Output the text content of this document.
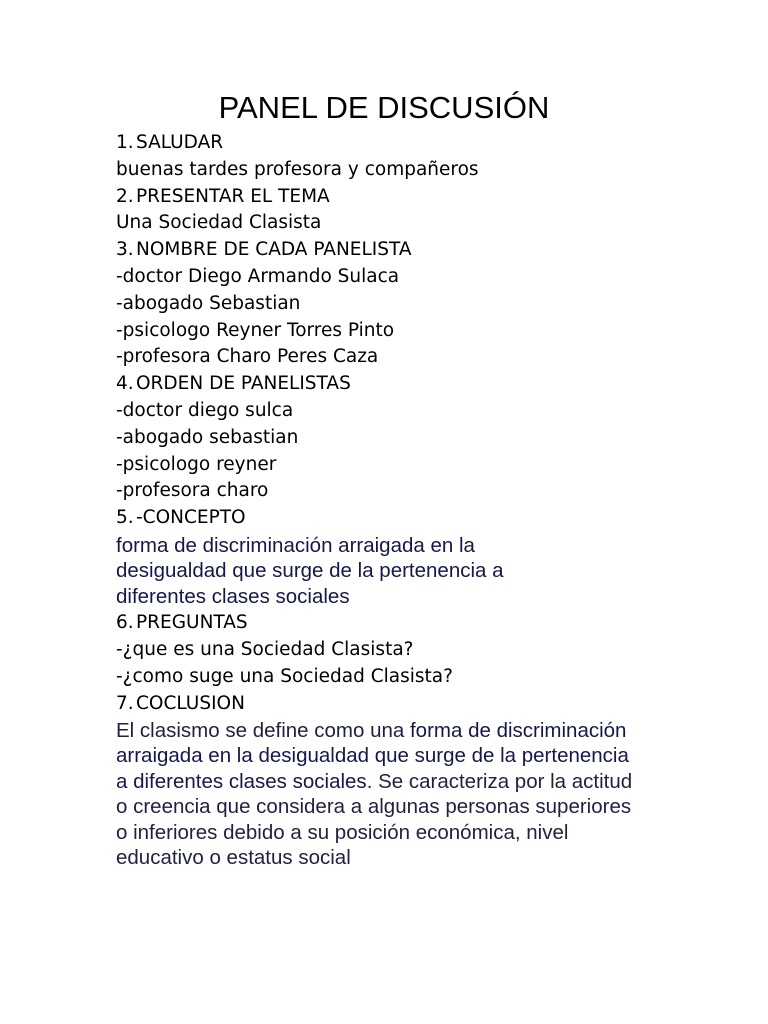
PANEL DE DISCUSIÓN
1. SALUDAR
buenas tardes profesora y compañeros
2. PRESENTAR EL TEMA
Una Sociedad Clasista
3. NOMBRE DE CADA PANELISTA
-doctor Diego Armando Sulaca
-abogado Sebastian
-psicologo Reyner Torres Pinto
-profesora Charo Peres Caza
4. ORDEN DE PANELISTAS
-doctor diego sulca
-abogado sebastian
-psicologo reyner
-profesora charo
5. -CONCEPTO

forma de discriminación arraigada en la desigualdad que surge de la pertenencia a diferentes clases sociales

6. PREGUNTAS
-¿que es una Sociedad Clasista?
-¿como suge una Sociedad Clasista?
7. COCLUSION

El clasismo se define como una forma de discriminación arraigada en la desigualdad que surge de la pertenencia a diferentes clases sociales. Se caracteriza por la actitud o creencia que considera a algunas personas superiores o inferiores debido a su posición económica, nivel educativo o estatus social
